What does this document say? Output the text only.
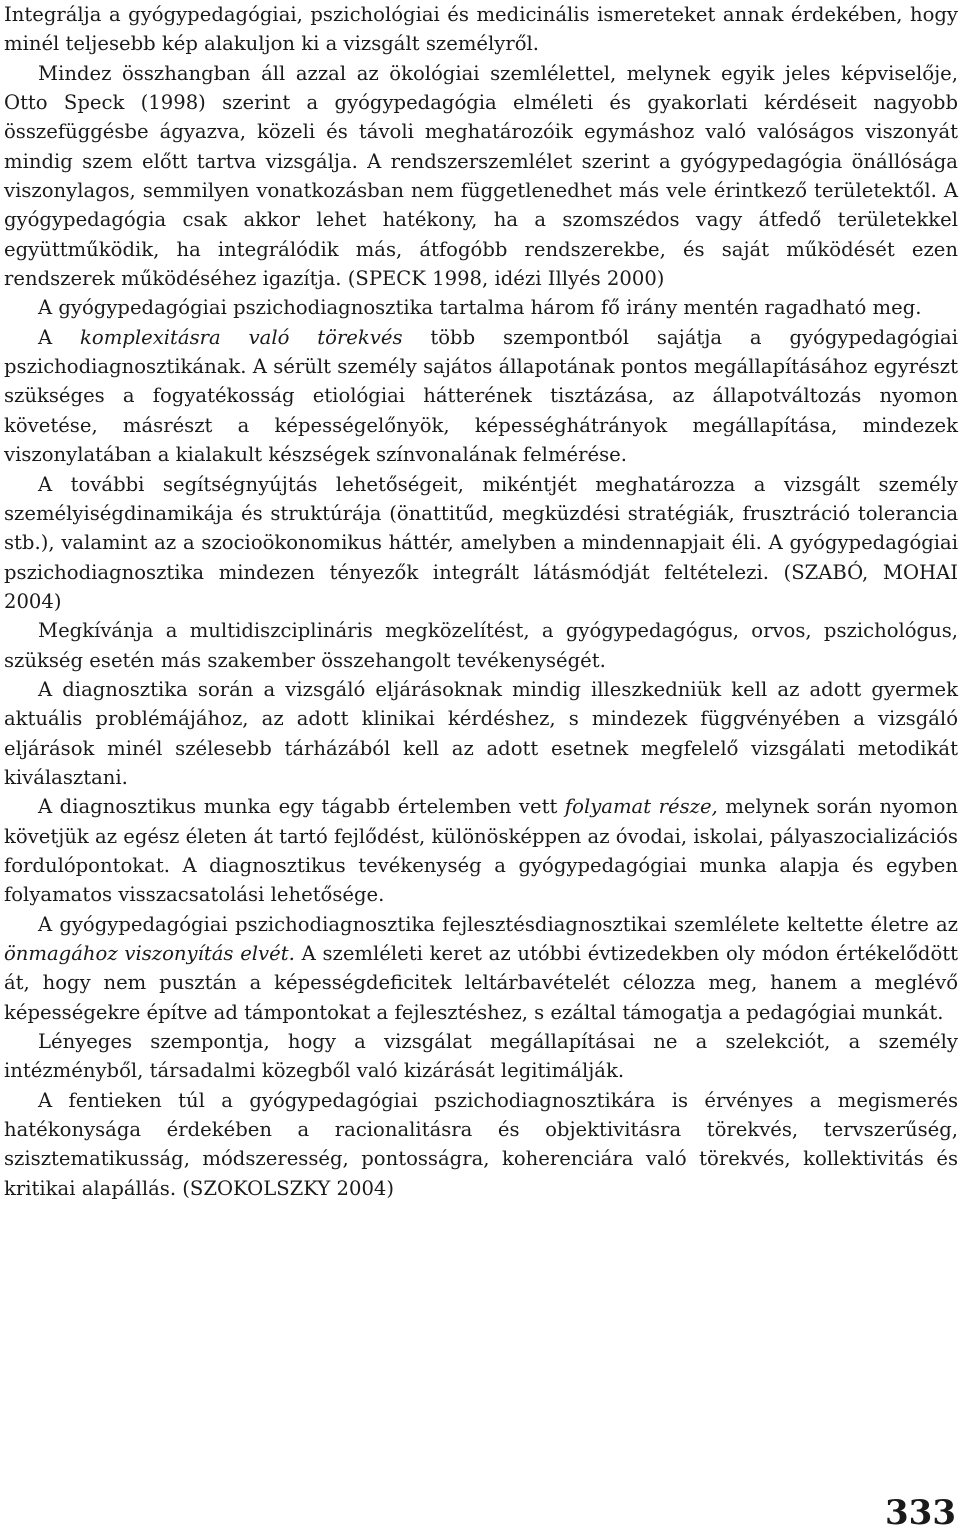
Integrálja a gyógypedagógiai, pszichológiai és medicinális ismereteket annak érdekében, hogy minél teljesebb kép alakuljon ki a vizsgált személyről.

Mindez összhangban áll azzal az ökológiai szemlélettel, melynek egyik jeles képviselője, Otto Speck (1998) szerint a gyógypedagógia elméleti és gyakorlati kérdéseit nagyobb összefüggésbe ágyazva, közeli és távoli meghatározóik egymáshoz való valóságos viszonyát mindig szem előtt tartva vizsgálja. A rendszerszemlélet szerint a gyógypedagógia önállósága viszonylagos, semmilyen vonatkozásban nem függetlenedhet más vele érintkező területektől. A gyógypedagógia csak akkor lehet hatékony, ha a szomszédos vagy átfedő területekkel együttműködik, ha integrálódik más, átfogóbb rendszerekbe, és saját működését ezen rendszerek működéséhez igazítja. (SPECK 1998, idézi Illyés 2000)

A gyógypedagógiai pszichodiagnosztika tartalma három fő irány mentén ragadható meg.

A komplexitásra való törekvés több szempontból sajátja a gyógypedagógiai pszichodiagnosztikának. A sérült személy sajátos állapotának pontos megállapításához egyrészt szükséges a fogyatékosság etiológiai hátterének tisztázása, az állapotváltozás nyomon követése, másrészt a képességelőnyök, képességhátrányok megállapítása, mindezek viszonylatában a kialakult készségek színvonalának felmérése.

A további segítségnyújtás lehetőségeit, mikéntjét meghatározza a vizsgált személy személyiségdinamikája és struktúrája (önattitűd, megküzdési stratégiák, frusztráció tolerancia stb.), valamint az a szocioökonomikus háttér, amelyben a mindennapjait éli. A gyógypedagógiai pszichodiagnosztika mindezen tényezők integrált látásmódját feltételezi. (SZABÓ, MOHAI 2004)

Megkívánja a multidiszciplináris megközelítést, a gyógypedagógus, orvos, pszichológus, szükség esetén más szakember összehangolt tevékenységét.

A diagnosztika során a vizsgáló eljárásoknak mindig illeszkedniük kell az adott gyermek aktuális problémájához, az adott klinikai kérdéshez, s mindezek függvényében a vizsgáló eljárások minél szélesebb tárházából kell az adott esetnek megfelelő vizsgálati metodikát kiválasztani.

A diagnosztikus munka egy tágabb értelemben vett folyamat része, melynek során nyomon követjük az egész életen át tartó fejlődést, különösképpen az óvodai, iskolai, pályaszocializációs fordulópontokat. A diagnosztikus tevékenység a gyógypedagógiai munka alapja és egyben folyamatos visszacsatolási lehetősége.

A gyógypedagógiai pszichodiagnosztika fejlesztésdiagnosztikai szemlélete keltette életre az önmagához viszonyítás elvét. A szemléleti keret az utóbbi évtizedekben oly módon értékelődött át, hogy nem pusztán a képességdeficitek leltárbavételét célozza meg, hanem a meglévő képességekre építve ad támpontokat a fejlesztéshez, s ezáltal támogatja a pedagógiai munkát.

Lényeges szempontja, hogy a vizsgálat megállapításai ne a szelekciót, a személy intézményből, társadalmi közegből való kizárását legitimálják.

A fentieken túl a gyógypedagógiai pszichodiagnosztikára is érvényes a megismerés hatékonysága érdekében a racionalitásra és objektivitásra törekvés, tervszerűség, szisztematikusság, módszeresség, pontosságra, koherenciára való törekvés, kollektivitás és kritikai alapállás. (SZOKOLSZKY 2004)

333
